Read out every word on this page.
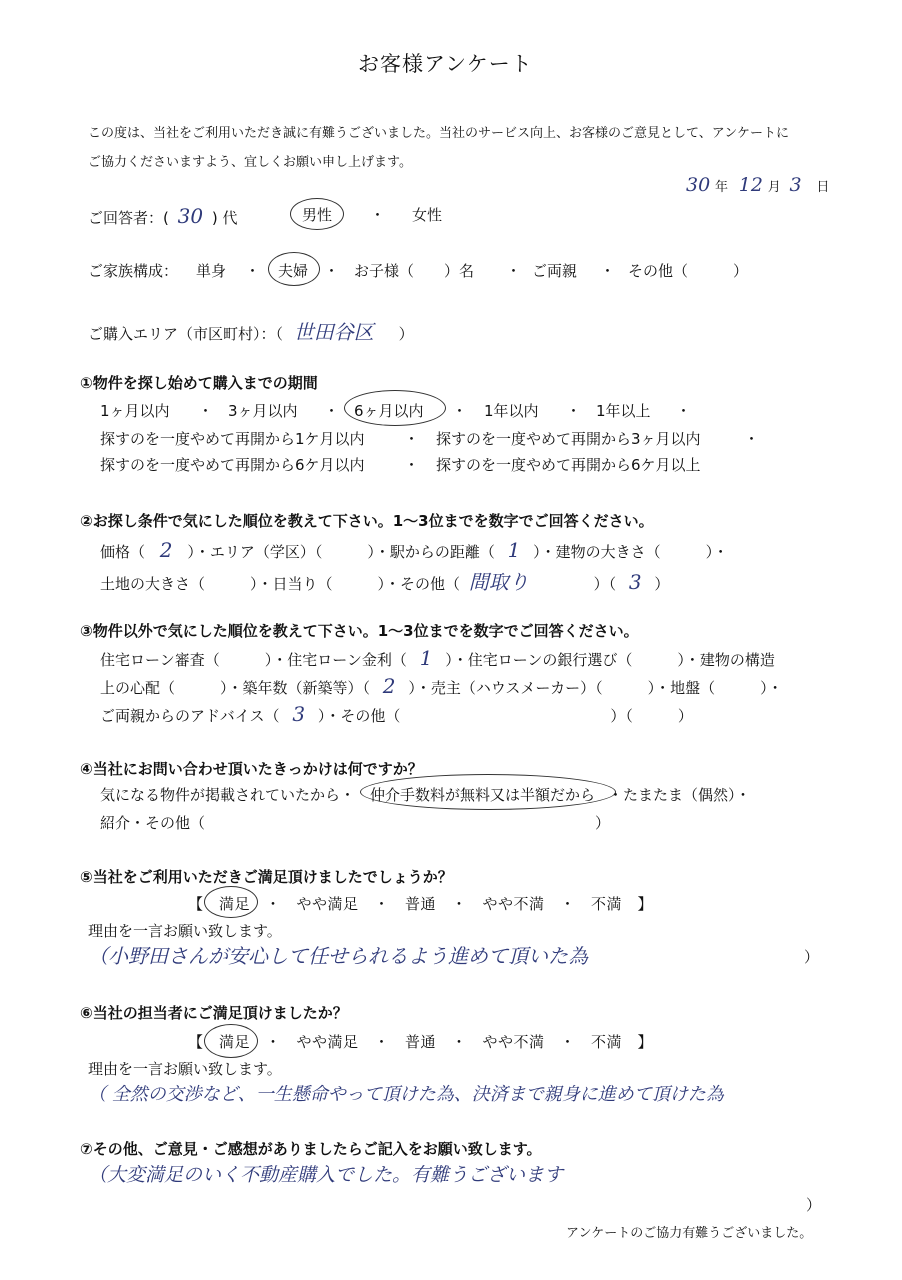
お客様アンケート
この度は、当社をご利用いただき誠に有難うございました。当社のサービス向上、お客様のご意見として、アンケートに
ご協力くださいますよう、宜しくお願い申し上げます。
30 年 12 月 3 日
ご回答者：( 30 ) 代	男性	・ 女性
ご家族構成： 単身 ・ 夫婦 ・ お子様（　　）名 ・ ご両親 ・ その他（　　　）
ご購入エリア（市区町村）：（ 世田谷区 ）
①物件を探し始めて購入までの期間
1ヶ月以内 ・ 3ヶ月以内 ・ 6ヶ月以内 ・ 1年以内 ・ 1年以上 ・
探すのを一度やめて再開から1ケ月以内	・ 探すのを一度やめて再開から3ヶ月以内	・
探すのを一度やめて再開から6ケ月以内	・ 探すのを一度やめて再開から6ケ月以上
②お探し条件で気にした順位を教えて下さい。1～3位までを数字でご回答ください。
価格（ 2 ）・エリア（学区）（　　　）・駅からの距離（ 1 ）・建物の大きさ（　　　）・
土地の大きさ（　　　）・日当り（　　　）・その他（ 間取り	）（ 3 ）
③物件以外で気にした順位を教えて下さい。1～3位までを数字でご回答ください。
住宅ローン審査（　　　）・住宅ローン金利（ 1 ）・住宅ローンの銀行選び（　　　）・建物の構造
上の心配（　　　）・築年数（新築等）（ 2 ）・売主（ハウスメーカー）（　　　）・地盤（　　　）・
ご両親からのアドバイス（ 3 ）・その他（　　　　　　　　　　　　　　）（　　　）
④当社にお問い合わせ頂いたきっかけは何ですか？
気になる物件が掲載されていたから・ 仲介手数料が無料又は半額だから ・たまたま（偶然）・
紹介・その他（　　　　　　　　　　　　　　　　　　　　　　　　　　）
⑤当社をご利用いただきご満足頂けましたでしょうか？
【　満足　・　やや満足　・　普通　・　やや不満　・　不満　】
理由を一言お願い致します。
（小野田さんが安心して任せられるよう進めて頂いた為	）
⑥当社の担当者にご満足頂けましたか？
【　満足　・　やや満足　・　普通　・　やや不満　・　不満　】
理由を一言お願い致します。
（ 全然の交渉など、一生懸命やって頂けた為、決済まで親身に進めて頂けた為
⑦その他、ご意見・ご感想がありましたらご記入をお願い致します。
（大変満足のいく不動産購入でした。有難うございます
）
アンケートのご協力有難うございました。
